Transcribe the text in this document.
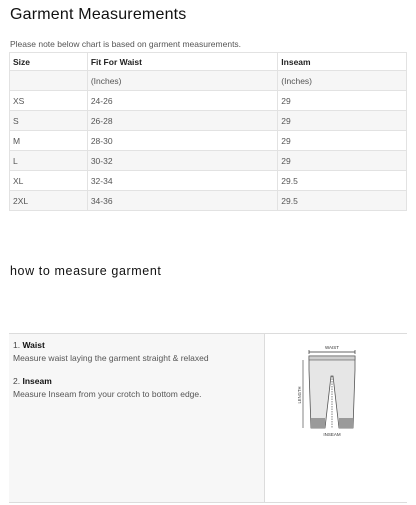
Garment Measurements
Please note below chart is based on garment measurements.
Size	Fit For Waist	Inseam
	(Inches)	(Inches)
XS	24-26	29
S	26-28	29
M	28-30	29
L	30-32	29
XL	32-34	29.5
2XL	34-36	29.5
how to measure garment
1. Waist
Measure waist laying the garment straight & relaxed
2. Inseam
Measure Inseam from your crotch to bottom edge.
WAIST
LENGTH
INSEAM
